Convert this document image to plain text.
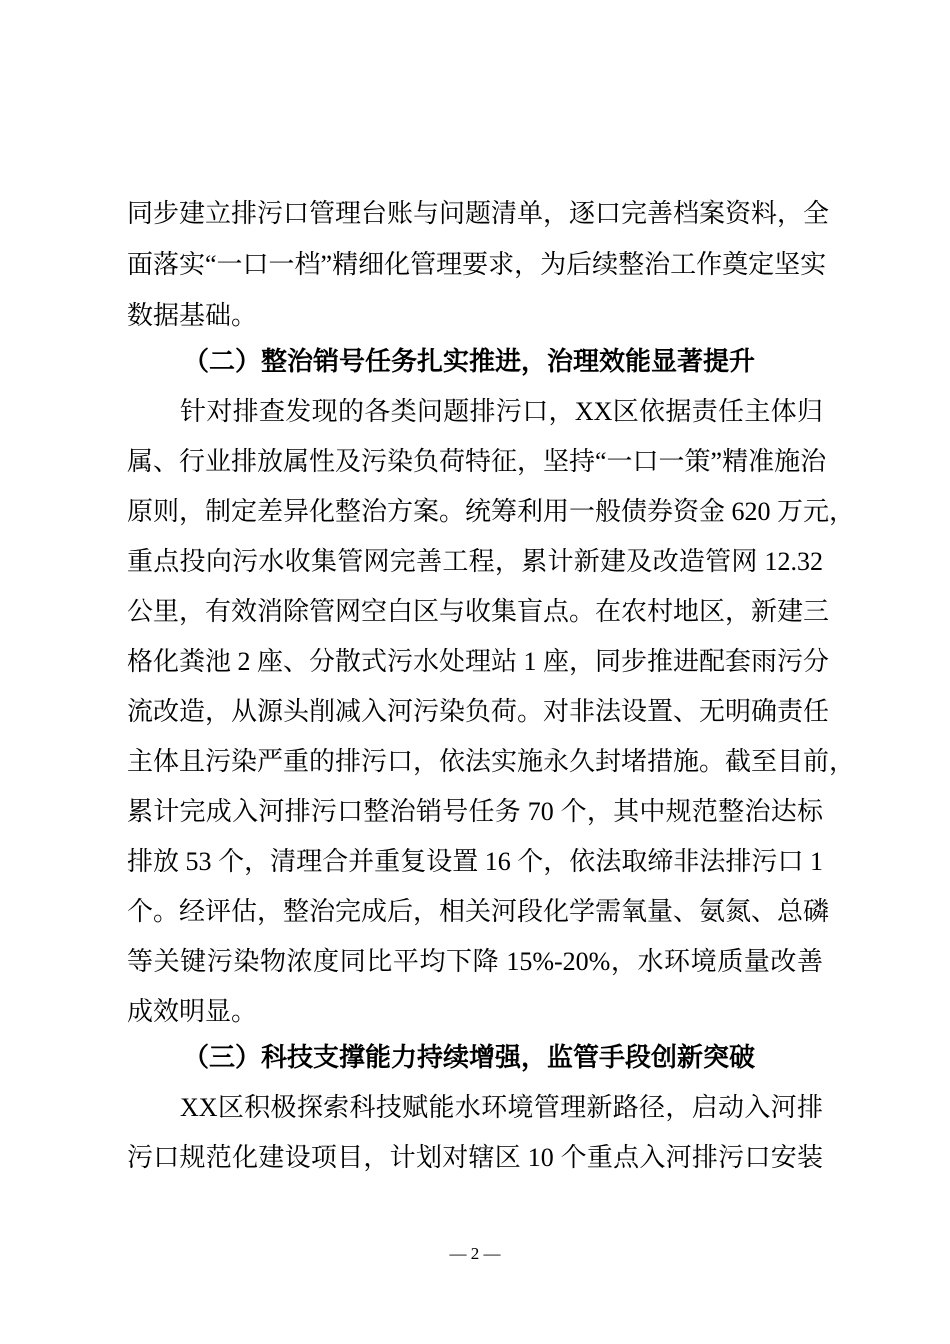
同步建立排污口管理台账与问题清单，逐口完善档案资料，全
面落实“一口一档”精细化管理要求，为后续整治工作奠定坚实
数据基础。
（二）整治销号任务扎实推进，治理效能显著提升
针对排查发现的各类问题排污口，XX区依据责任主体归
属、行业排放属性及污染负荷特征，坚持“一口一策”精准施治
原则，制定差异化整治方案。统筹利用一般债券资金 620 万元，
重点投向污水收集管网完善工程，累计新建及改造管网 12.32
公里，有效消除管网空白区与收集盲点。在农村地区，新建三
格化粪池 2 座、分散式污水处理站 1 座，同步推进配套雨污分
流改造，从源头削减入河污染负荷。对非法设置、无明确责任
主体且污染严重的排污口，依法实施永久封堵措施。截至目前，
累计完成入河排污口整治销号任务 70 个，其中规范整治达标
排放 53 个，清理合并重复设置 16 个，依法取缔非法排污口 1
个。经评估，整治完成后，相关河段化学需氧量、氨氮、总磷
等关键污染物浓度同比平均下降 15%-20%，水环境质量改善
成效明显。
（三）科技支撑能力持续增强，监管手段创新突破
XX区积极探索科技赋能水环境管理新路径，启动入河排
污口规范化建设项目，计划对辖区 10 个重点入河排污口安装
— 2 —
